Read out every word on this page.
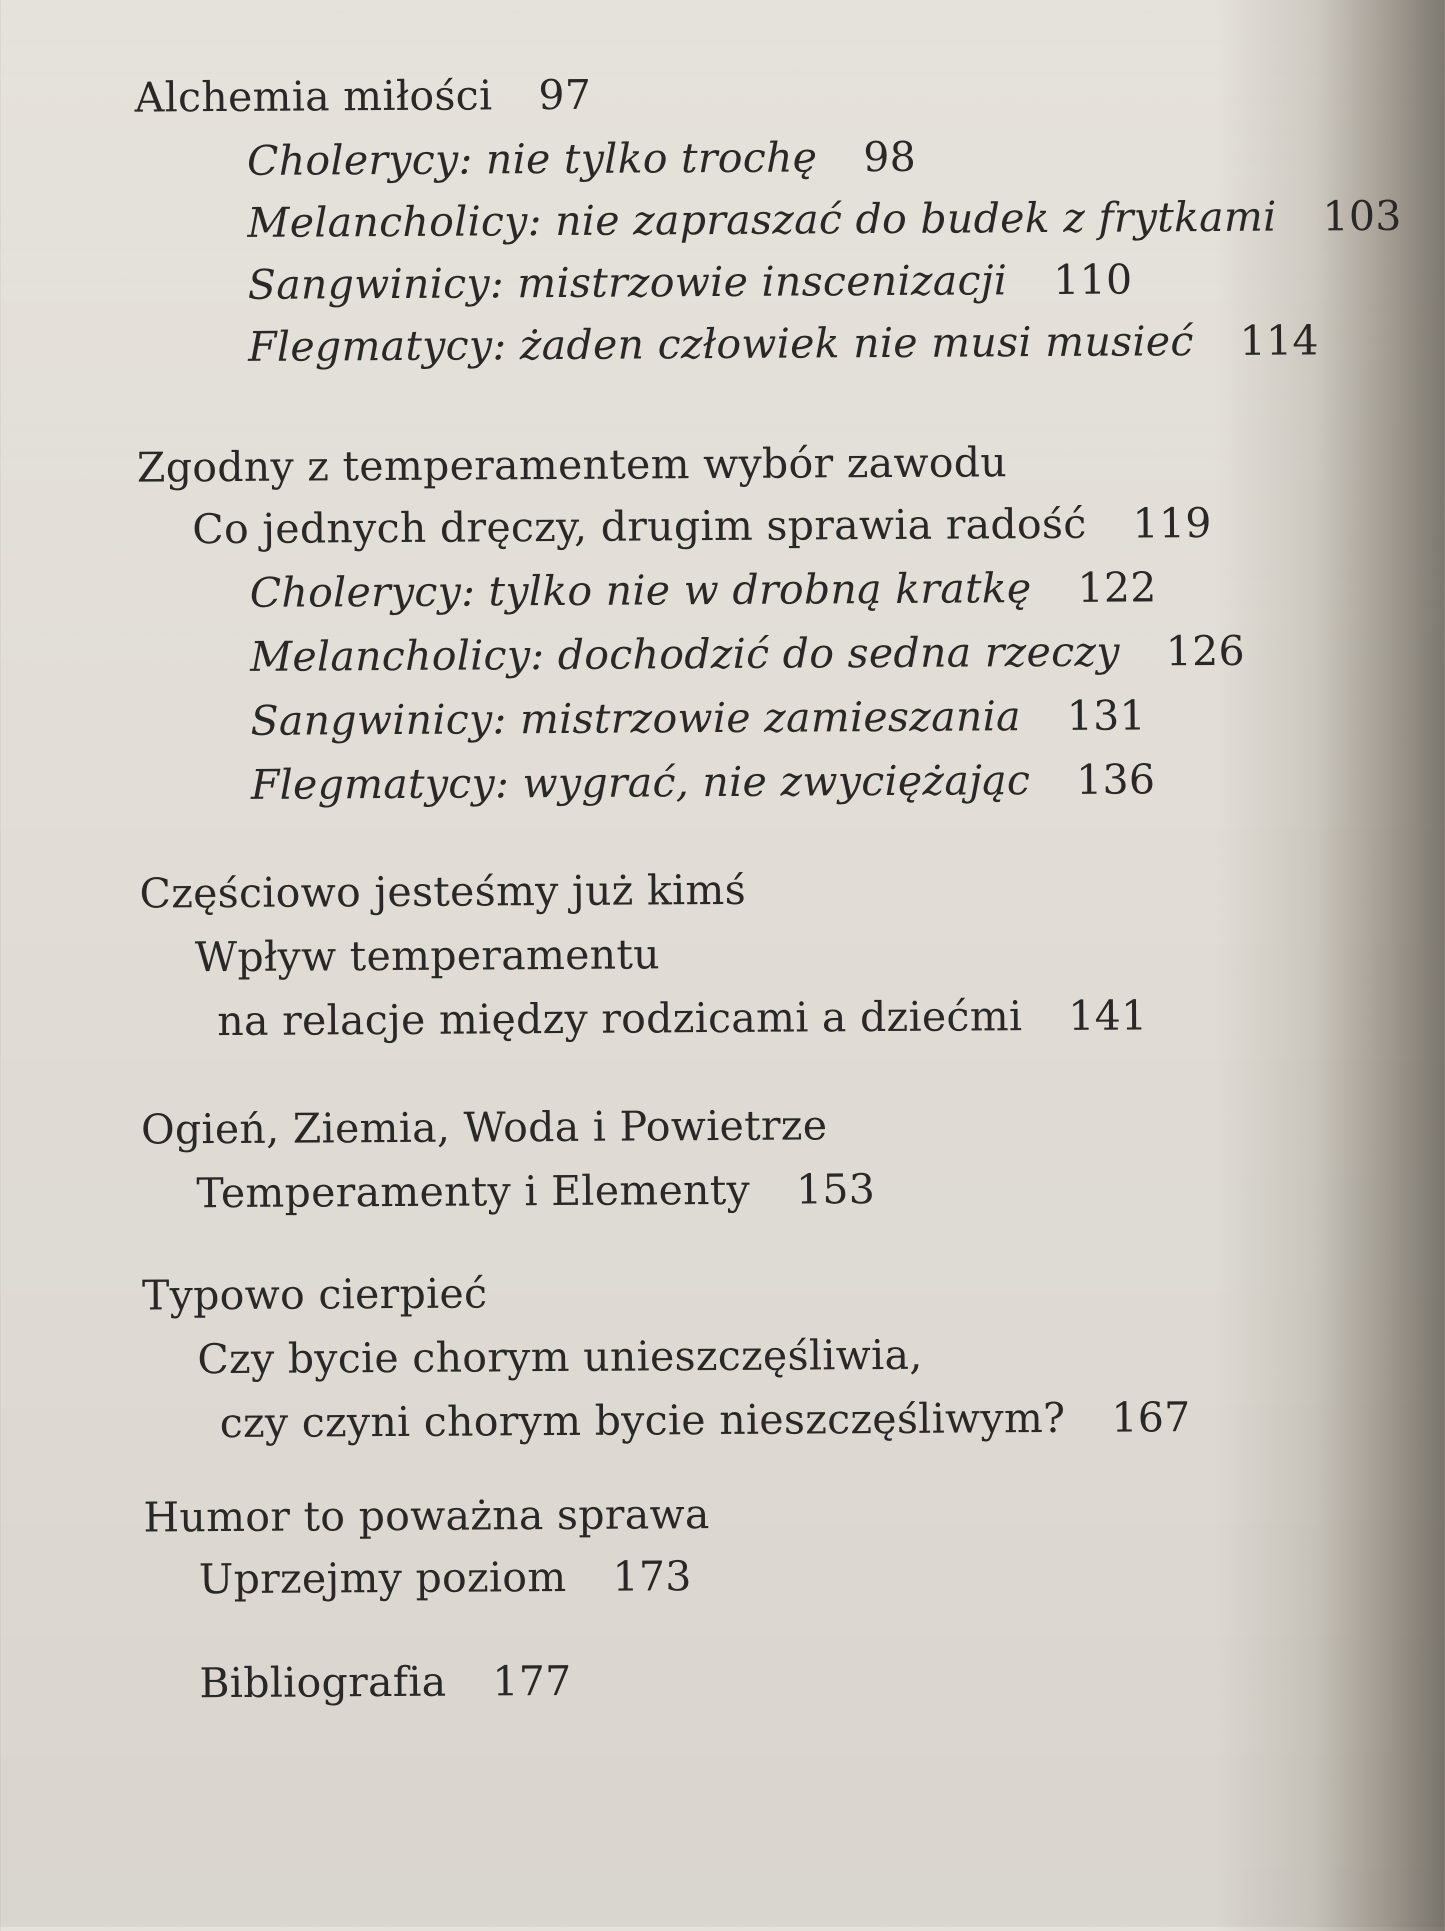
Alchemia miłości 97
Cholerycy: nie tylko trochę 98
Melancholicy: nie zapraszać do budek z frytkami 103
Sangwinicy: mistrzowie inscenizacji 110
Flegmatycy: żaden człowiek nie musi musieć 114
Zgodny z temperamentem wybór zawodu
Co jednych dręczy, drugim sprawia radość 119
Cholerycy: tylko nie w drobną kratkę 122
Melancholicy: dochodzić do sedna rzeczy 126
Sangwinicy: mistrzowie zamieszania 131
Flegmatycy: wygrać, nie zwyciężając 136
Częściowo jesteśmy już kimś
Wpływ temperamentu
na relacje między rodzicami a dziećmi 141
Ogień, Ziemia, Woda i Powietrze
Temperamenty i Elementy 153
Typowo cierpieć
Czy bycie chorym unieszczęśliwia,
czy czyni chorym bycie nieszczęśliwym? 167
Humor to poważna sprawa
Uprzejmy poziom 173
Bibliografia 177
